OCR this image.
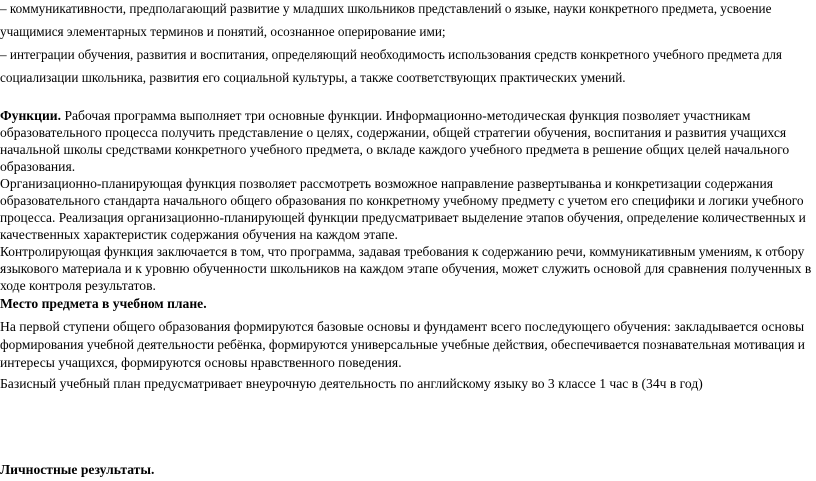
– коммуникативности, предполагающий развитие у младших школьников представлений о языке, науки конкретного предмета, усвоение
учащимися элементарных терминов и понятий, осознанное оперирование ими;
– интеграции обучения, развития и воспитания, определяющий необходимость использования средств конкретного учебного предмета для
социализации школьника, развития его социальной культуры, а также соответствующих практических умений.
Функции. Рабочая программа выполняет три основные функции. Информационно-методическая функция позволяет участникам
образовательного процесса получить представление о целях, содержании, общей стратегии обучения, воспитания и развития учащихся
начальной школы средствами конкретного учебного предмета, о вкладе каждого учебного предмета в решение общих целей начального
образования.
Организационно-планирующая функция позволяет рассмотреть возможное направление развертываньа и конкретизации содержания
образовательного стандарта начального общего образования по конкретному учебному предмету с учетом его специфики и логики учебного
процесса. Реализация организационно-планирующей функции предусматривает выделение этапов обучения, определение количественных и
качественных характеристик содержания обучения на каждом этапе.
Контролирующая функция заключается в том, что программа, задавая требования к содержанию речи, коммуникативным умениям, к отбору
языкового материала и к уровню обученности школьников на каждом этапе обучения, может служить основой для сравнения полученных в
ходе контроля результатов.
Место предмета в учебном плане.
На первой ступени общего образования формируются базовые основы и фундамент всего последующего обучения: закладывается основы
формирования учебной деятельности ребёнка, формируются универсальные учебные действия, обеспечивается познавательная мотивация и
интересы учащихся, формируются основы нравственного поведения.
Базисный учебный план предусматривает внеурочную деятельность по английскому языку во 3 классе 1 час в (34ч в год)
Личностные результаты.
